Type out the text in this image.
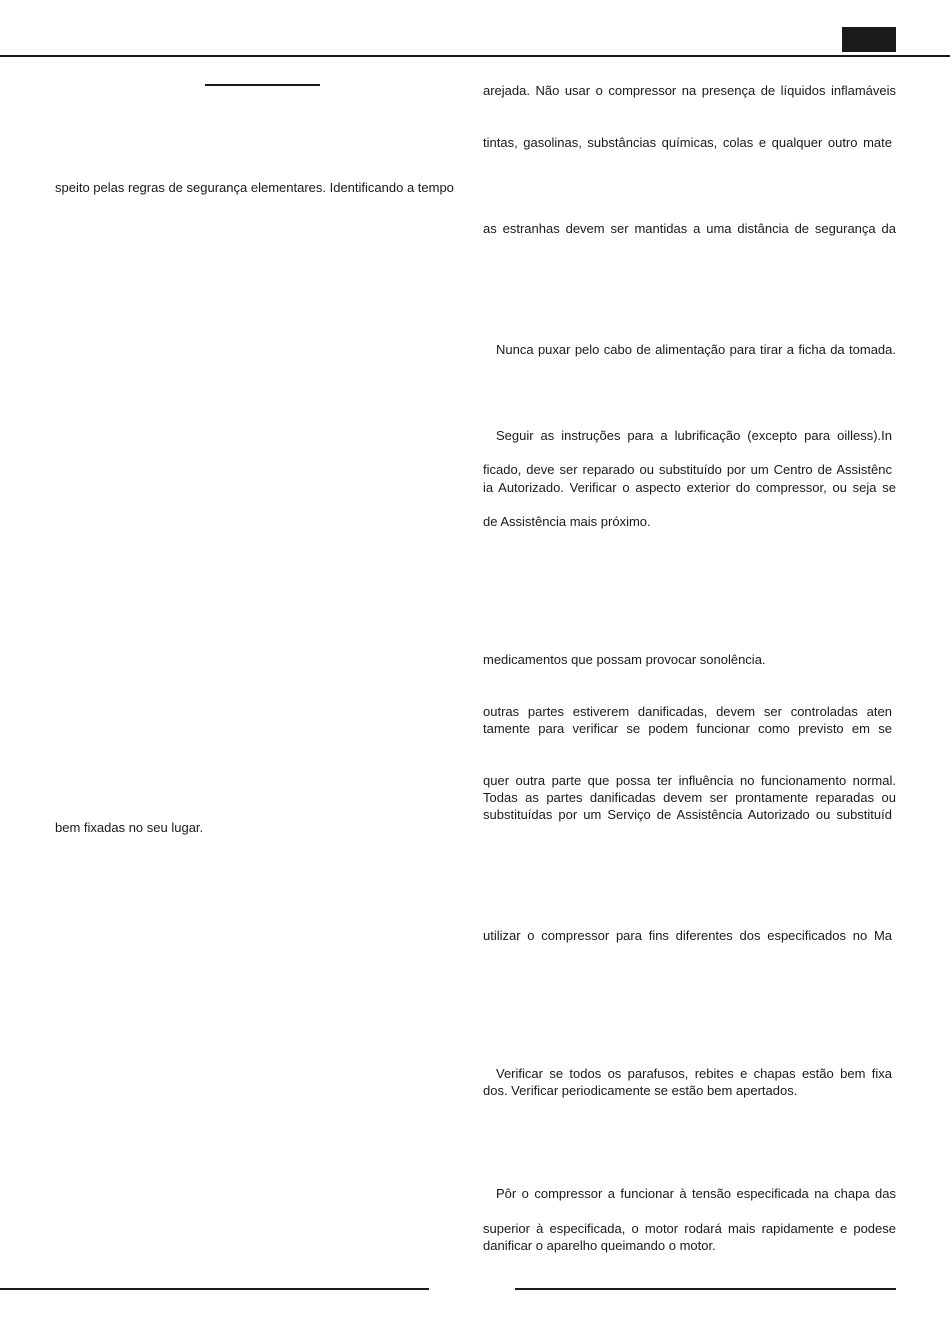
speito pelas regras de segurança elementares. Identificando a tempo
bem fixadas no seu lugar.
arejada. Não usar o compressor na presença de líquidos inflamáveis
tintas, gasolinas, substâncias químicas, colas e qualquer outro mate
as estranhas devem ser mantidas a uma distância de segurança da
Nunca puxar pelo cabo de alimentação para tirar a ficha da tomada.
Seguir as instruções para a lubrificação (excepto para oilless).In
ficado, deve ser reparado ou substituído por um Centro de Assistênc
ia Autorizado. Verificar o aspecto exterior do compressor, ou seja se
de Assistência mais próximo.
medicamentos que possam provocar sonolência.
outras partes estiverem danificadas, devem ser controladas aten
tamente para verificar se podem funcionar como previsto em se
quer outra parte que possa ter influência no funcionamento normal.
Todas as partes danificadas devem ser prontamente reparadas ou
substituídas por um Serviço de Assistência Autorizado ou substituíd
utilizar o compressor para fins diferentes dos especificados no Ma
Verificar se todos os parafusos, rebites e chapas estão bem fixa
dos. Verificar periodicamente se estão bem apertados.
Pôr o compressor a funcionar à tensão especificada na chapa das
superior à especificada, o motor rodará mais rapidamente e podese
danificar o aparelho queimando o motor.
